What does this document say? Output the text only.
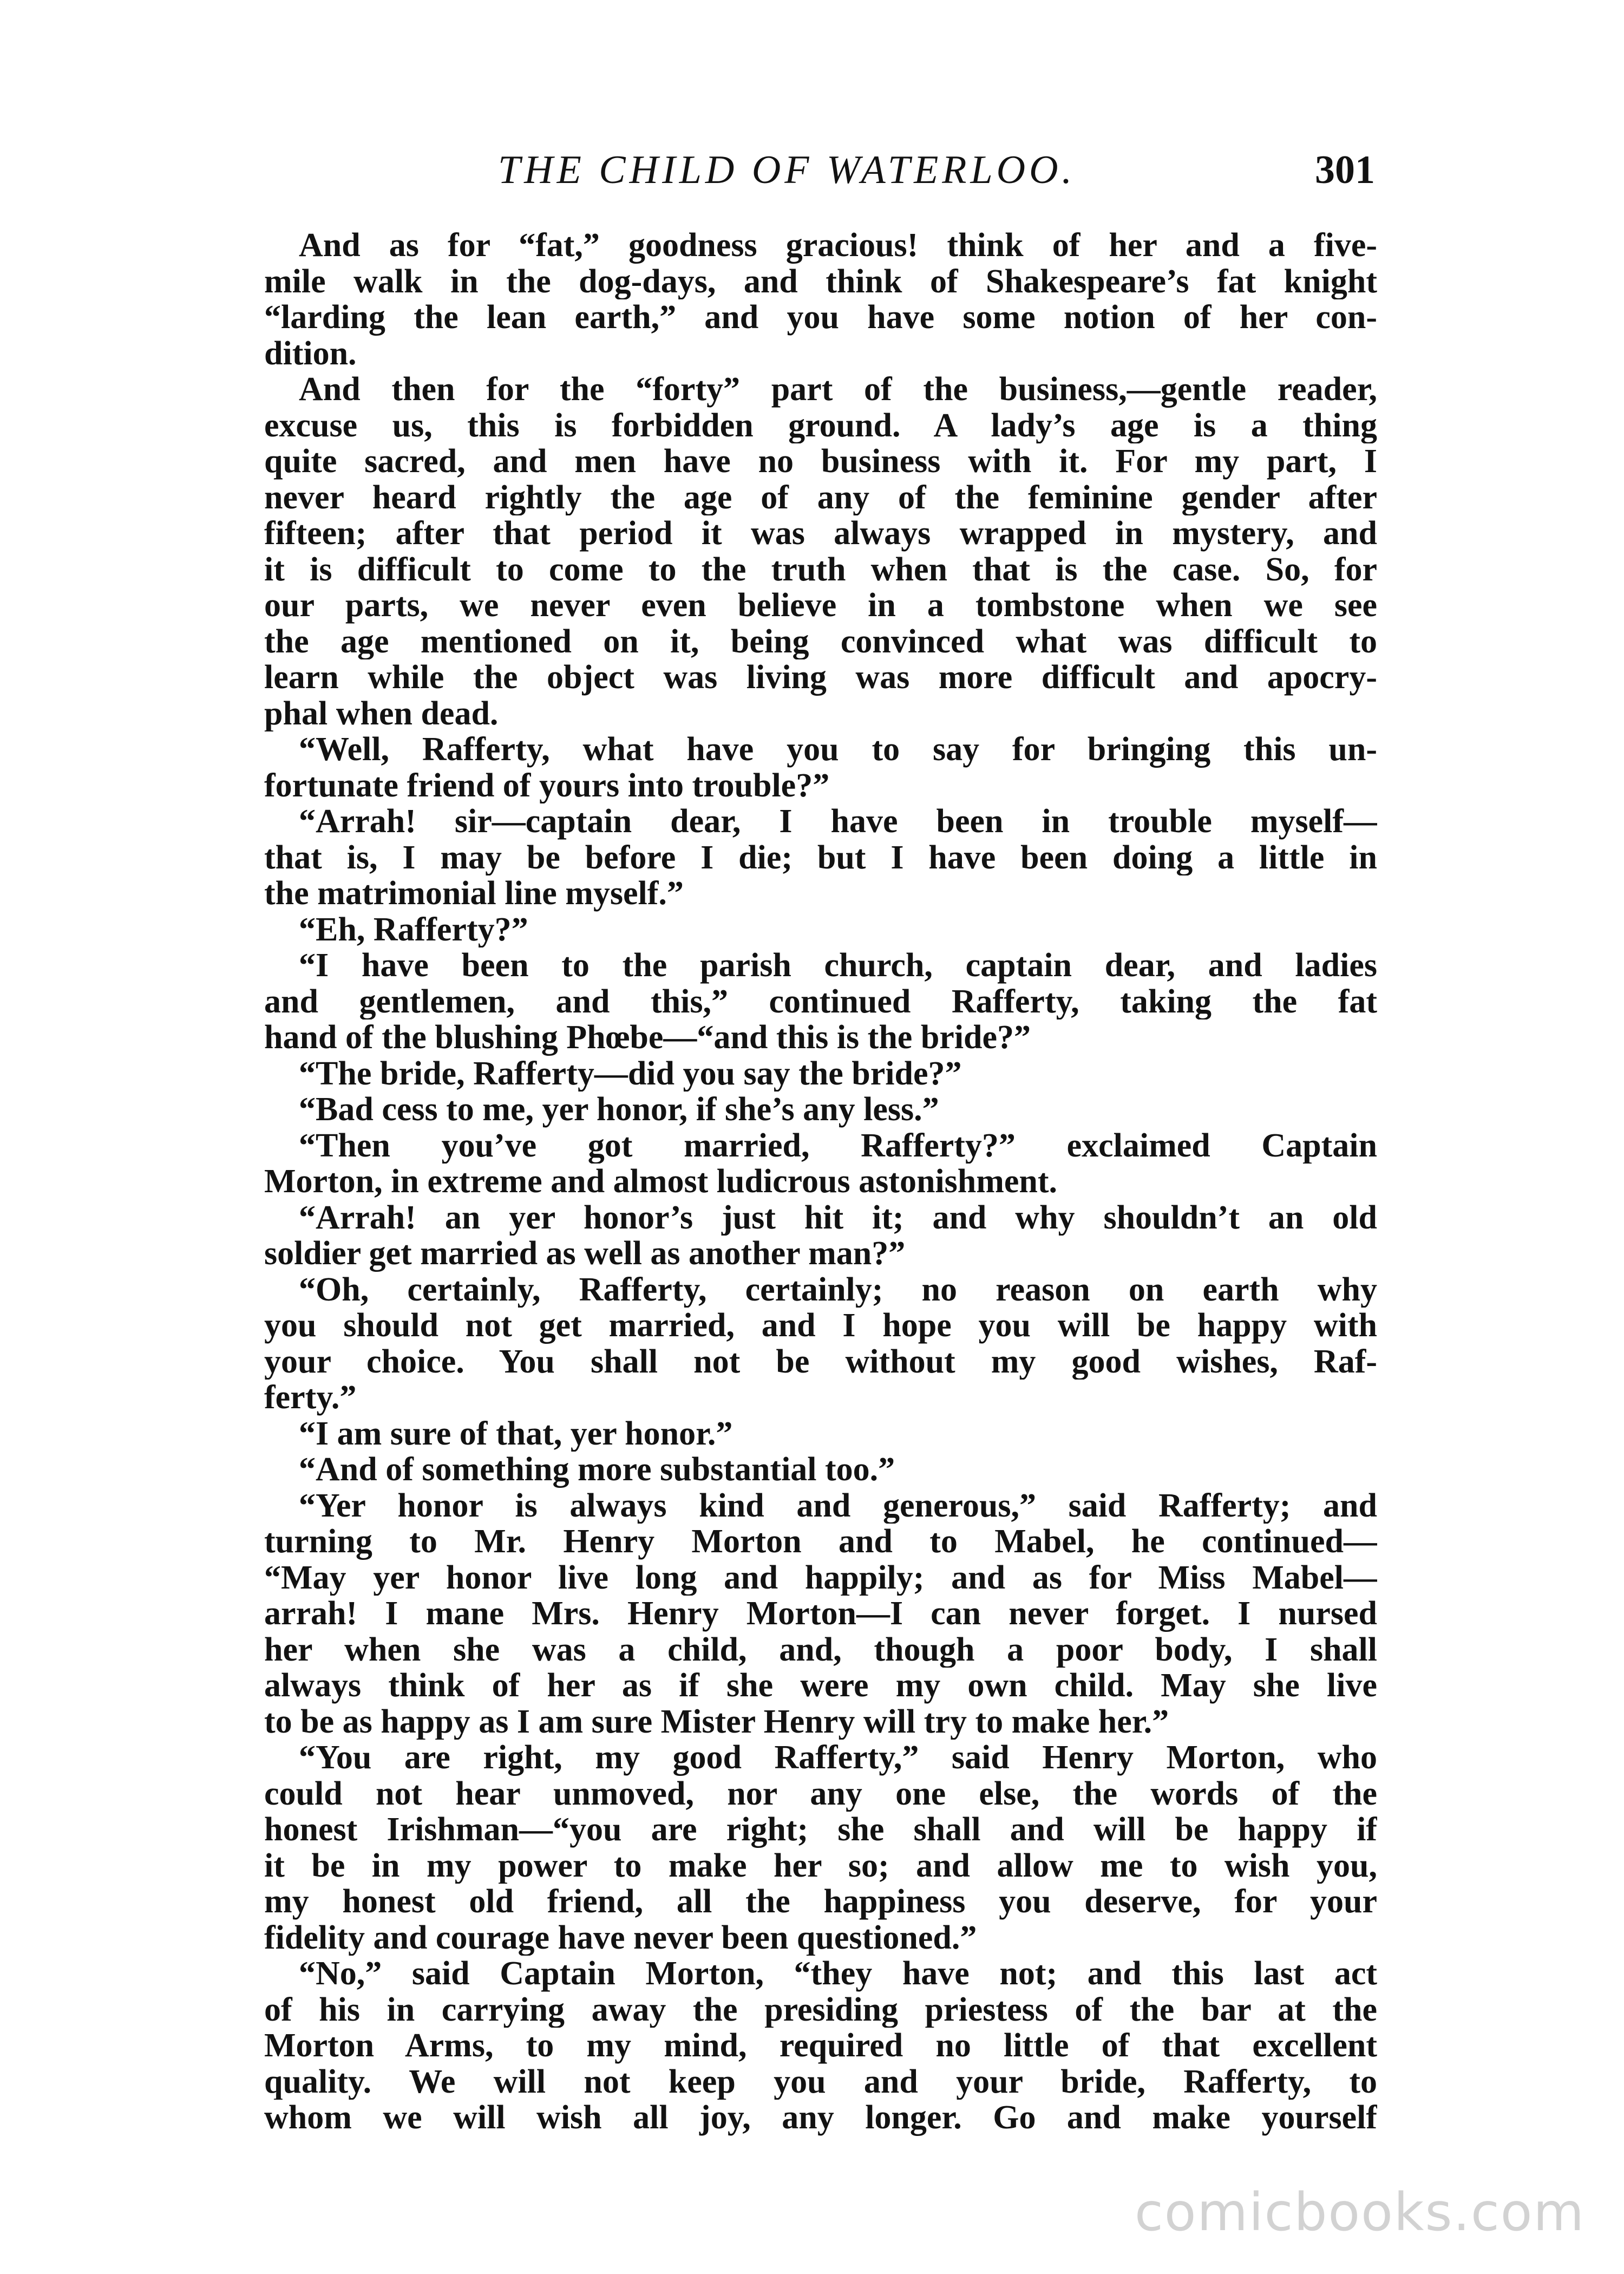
THE CHILD OF WATERLOO.	301
And as for “fat,” goodness gracious! think of her and a five-
mile walk in the dog-days, and think of Shakespeare’s fat knight
“larding the lean earth,” and you have some notion of her con-
dition.
And then for the “forty” part of the business,—gentle reader,
excuse us, this is forbidden ground. A lady’s age is a thing
quite sacred, and men have no business with it. For my part, I
never heard rightly the age of any of the feminine gender after
fifteen; after that period it was always wrapped in mystery, and
it is difficult to come to the truth when that is the case. So, for
our parts, we never even believe in a tombstone when we see
the age mentioned on it, being convinced what was difficult to
learn while the object was living was more difficult and apocry-
phal when dead.
“Well, Rafferty, what have you to say for bringing this un-
fortunate friend of yours into trouble?”
“Arrah! sir—captain dear, I have been in trouble myself—
that is, I may be before I die; but I have been doing a little in
the matrimonial line myself.”
“Eh, Rafferty?”
“I have been to the parish church, captain dear, and ladies
and gentlemen, and this,” continued Rafferty, taking the fat
hand of the blushing Phœbe—“and this is the bride?”
“The bride, Rafferty—did you say the bride?”
“Bad cess to me, yer honor, if she’s any less.”
“Then you’ve got married, Rafferty?” exclaimed Captain
Morton, in extreme and almost ludicrous astonishment.
“Arrah! an yer honor’s just hit it; and why shouldn’t an old
soldier get married as well as another man?”
“Oh, certainly, Rafferty, certainly; no reason on earth why
you should not get married, and I hope you will be happy with
your choice. You shall not be without my good wishes, Raf-
ferty.”
“I am sure of that, yer honor.”
“And of something more substantial too.”
“Yer honor is always kind and generous,” said Rafferty; and
turning to Mr. Henry Morton and to Mabel, he continued—
“May yer honor live long and happily; and as for Miss Mabel—
arrah! I mane Mrs. Henry Morton—I can never forget. I nursed
her when she was a child, and, though a poor body, I shall
always think of her as if she were my own child. May she live
to be as happy as I am sure Mister Henry will try to make her.”
“You are right, my good Rafferty,” said Henry Morton, who
could not hear unmoved, nor any one else, the words of the
honest Irishman—“you are right; she shall and will be happy if
it be in my power to make her so; and allow me to wish you,
my honest old friend, all the happiness you deserve, for your
fidelity and courage have never been questioned.”
“No,” said Captain Morton, “they have not; and this last act
of his in carrying away the presiding priestess of the bar at the
Morton Arms, to my mind, required no little of that excellent
quality. We will not keep you and your bride, Rafferty, to
whom we will wish all joy, any longer. Go and make yourself
comicbooks.com
